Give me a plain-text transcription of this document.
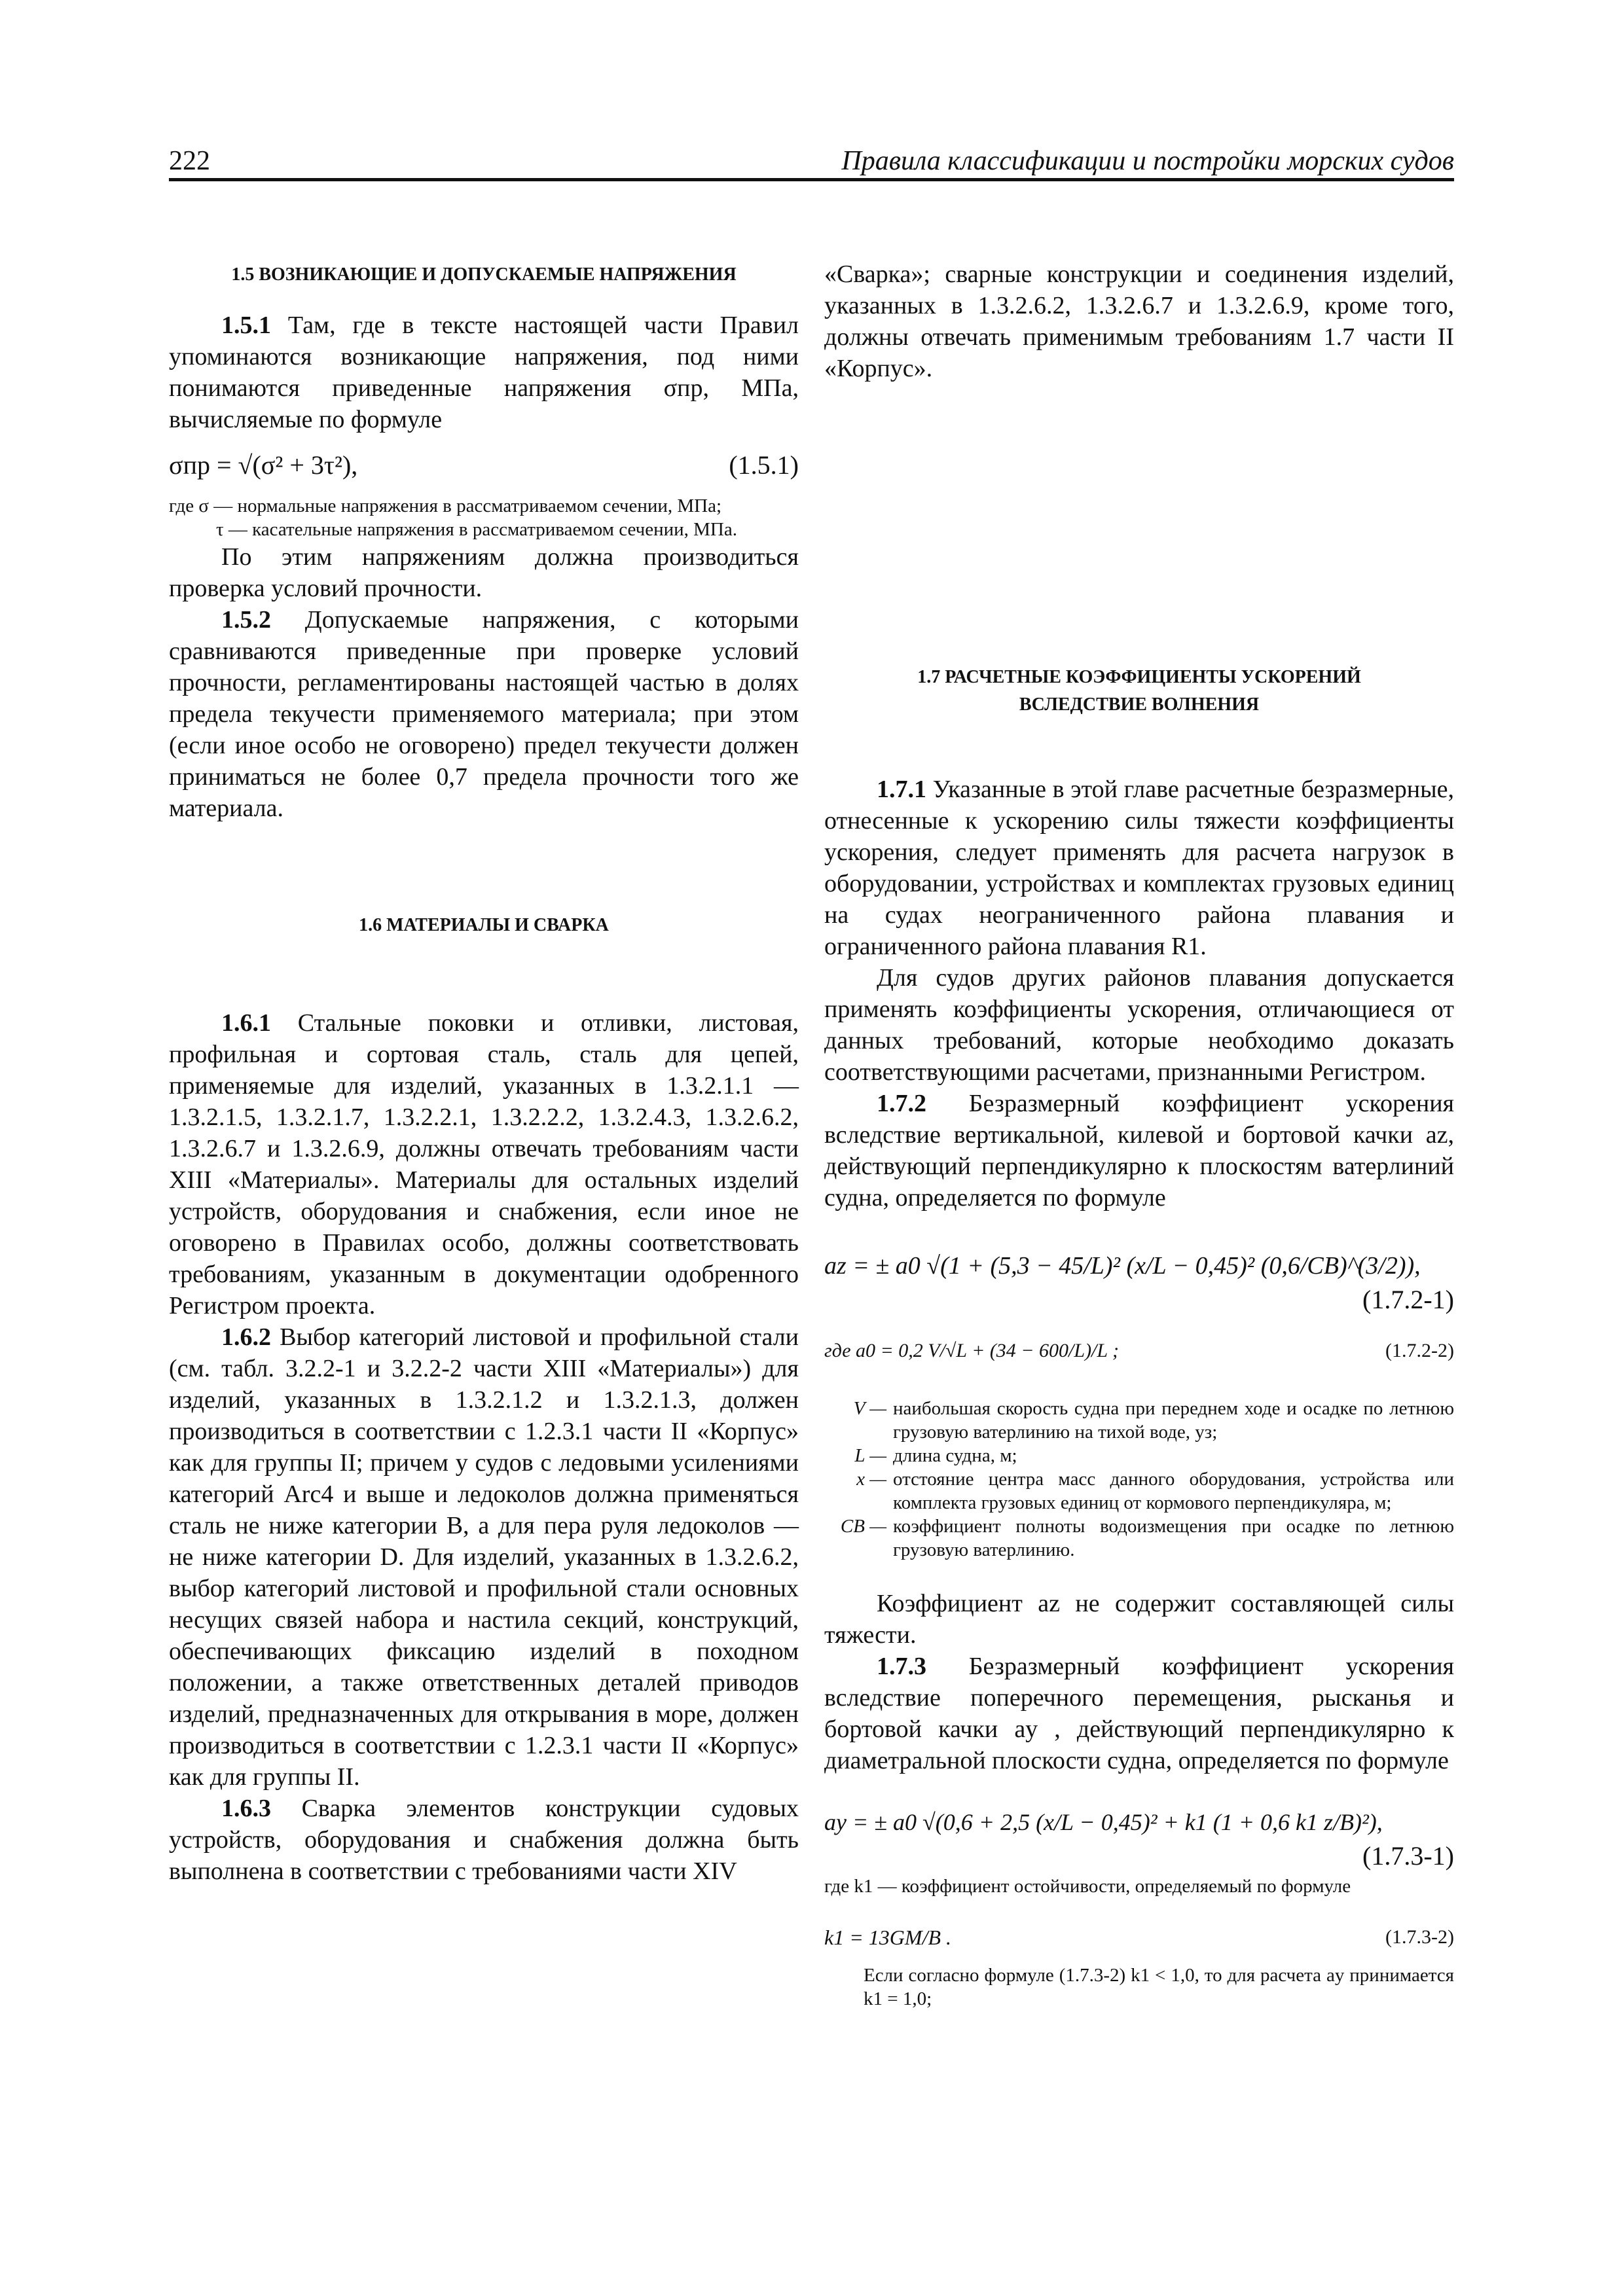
222	Правила классификации и постройки морских судов
1.5 ВОЗНИКАЮЩИЕ И ДОПУСКАЕМЫЕ НАПРЯЖЕНИЯ

1.5.1 Там, где в тексте настоящей части Правил упоминаются возникающие напряжения, под ними понимаются приведенные напряжения σпр, МПа, вычисляемые по формуле

σпр = √(σ² + 3τ²),	(1.5.1)
где σ — нормальные напряжения в рассматриваемом сечении, МПа;
τ — касательные напряжения в рассматриваемом сечении, МПа.

По этим напряжениям должна производиться проверка условий прочности.

1.5.2 Допускаемые напряжения, с которыми сравниваются приведенные при проверке условий прочности, регламентированы настоящей частью в долях предела текучести применяемого материала; при этом (если иное особо не оговорено) предел текучести должен приниматься не более 0,7 предела прочности того же материала.

1.6 МАТЕРИАЛЫ И СВАРКА

1.6.1 Стальные поковки и отливки, листовая, профильная и сортовая сталь, сталь для цепей, применяемые для изделий, указанных в 1.3.2.1.1 — 1.3.2.1.5, 1.3.2.1.7, 1.3.2.2.1, 1.3.2.2.2, 1.3.2.4.3, 1.3.2.6.2, 1.3.2.6.7 и 1.3.2.6.9, должны отвечать требованиям части XIII «Материалы». Материалы для остальных изделий устройств, оборудования и снабжения, если иное не оговорено в Правилах особо, должны соответствовать требованиям, указанным в документации одобренного Регистром проекта.

1.6.2 Выбор категорий листовой и профильной стали (см. табл. 3.2.2-1 и 3.2.2-2 части XIII «Материалы») для изделий, указанных в 1.3.2.1.2 и 1.3.2.1.3, должен производиться в соответствии с 1.2.3.1 части II «Корпус» как для группы II; причем у судов с ледовыми усилениями категорий Arc4 и выше и ледоколов должна применяться сталь не ниже категории B, а для пера руля ледоколов — не ниже категории D. Для изделий, указанных в 1.3.2.6.2, выбор категорий листовой и профильной стали основных несущих связей набора и настила секций, конструкций, обеспечивающих фиксацию изделий в походном положении, а также ответственных деталей приводов изделий, предназначенных для открывания в море, должен производиться в соответствии с 1.2.3.1 части II «Корпус» как для группы II.

1.6.3 Сварка элементов конструкции судовых устройств, оборудования и снабжения должна быть выполнена в соответствии с требованиями части XIV

1.7 РАСЧЕТНЫЕ КОЭФФИЦИЕНТЫ УСКОРЕНИЙ ВСЛЕДСТВИЕ ВОЛНЕНИЯ

1.7.1 Указанные в этой главе расчетные безразмерные, отнесенные к ускорению силы тяжести коэффициенты ускорения, следует применять для расчета нагрузок в оборудовании, устройствах и комплектах грузовых единиц на судах неограниченного района плавания и ограниченного района плавания R1.

Для судов других районов плавания допускается применять коэффициенты ускорения, отличающиеся от данных требований, которые необходимо доказать соответствующими расчетами, признанными Регистром.

1.7.2 Безразмерный коэффициент ускорения вследствие вертикальной, килевой и бортовой качки az, действующий перпендикулярно к плоскостям ватерлиний судна, определяется по формуле

az = ± a0 √(1 + (5,3 − 45/L)² (x/L − 0,45)² (0,6/CB)^(3/2)),
(1.7.2-1)
где a0 = 0,2 V/√L + (34 − 600/L)/L ;	(1.7.2-2)
V — наибольшая скорость судна при переднем ходе и осадке по летнюю грузовую ватерлинию на тихой воде, уз;
L — длина судна, м;
x — отстояние центра масс данного оборудования, устройства или комплекта грузовых единиц от кормового перпендикуляра, м;
CB — коэффициент полноты водоизмещения при осадке по летнюю грузовую ватерлинию.

Коэффициент az не содержит составляющей силы тяжести.

1.7.3 Безразмерный коэффициент ускорения вследствие поперечного перемещения, рысканья и бортовой качки ay , действующий перпендикулярно к диаметральной плоскости судна, определяется по формуле

ay = ± a0 √(0,6 + 2,5 (x/L − 0,45)² + k1 (1 + 0,6 k1 z/B)²),
(1.7.3-1)
где k1 — коэффициент остойчивости, определяемый по формуле
k1 = 13GM/B .	(1.7.3-2)
Если согласно формуле (1.7.3-2) k1 < 1,0, то для расчета ay принимается k1 = 1,0;

«Сварка»; сварные конструкции и соединения изделий, указанных в 1.3.2.6.2, 1.3.2.6.7 и 1.3.2.6.9, кроме того, должны отвечать применимым требованиям 1.7 части II «Корпус».
